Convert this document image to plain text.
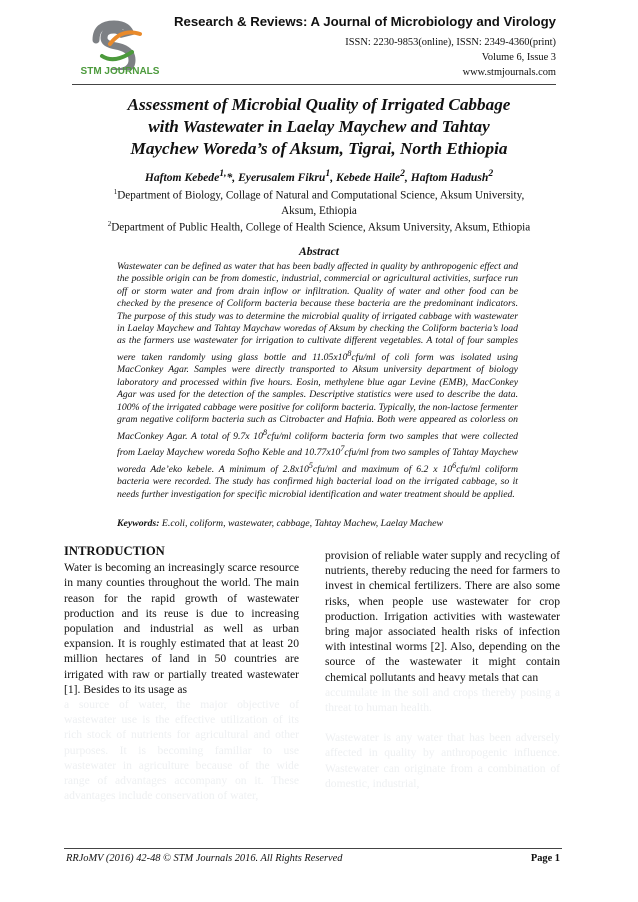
STM JOURNALS
Research & Reviews: A Journal of Microbiology and Virology
ISSN: 2230-9853(online), ISSN: 2349-4360(print)
Volume 6, Issue 3
www.stmjournals.com
Assessment of Microbial Quality of Irrigated Cabbage
with Wastewater in Laelay Maychew and Tahtay
Maychew Woreda’s of Aksum, Tigrai, North Ethiopia
Haftom Kebede$^{1,}$*, Eyerusalem Fikru$^1$, Kebede Haile$^2$, Haftom Hadush$^2$
$^1$Department of Biology, Collage of Natural and Computational Science, Aksum University,
Aksum, Ethiopia
$^2$Department of Public Health, College of Health Science, Aksum University, Aksum, Ethiopia
Abstract
Wastewater can be defined as water that has been badly affected in quality by anthropogenic effect and the possible origin can be from domestic, industrial, commercial or agricultural activities, surface run off or storm water and from drain inflow or infiltration. Quality of water and other food can be checked by the presence of Coliform bacteria because these bacteria are the predominant indicators. The purpose of this study was to determine the microbial quality of irrigated cabbage with wastewater in Laelay Maychew and Tahtay Maychaw woredas of Aksum by checking the Coliform bacteria’s load as the farmers use wastewater for irrigation to cultivate different vegetables. A total of four samples were taken randomly using glass bottle and $11.05x10^8cfu/ml$ of coli form was isolated using MacConkey Agar. Samples were directly transported to Aksum university department of biology laboratory and processed within five hours. Eosin, methylene blue agar Levine (EMB), MacConkey Agar was used for the detection of the samples. Descriptive statistics were used to describe the data. 100% of the irrigated cabbage were positive for coliform bacteria. Typically, the non-lactose fermenter gram negative coliform bacteria such as Citrobacter and Hafnia. Both were appeared as colorless on MacConkey Agar. A total of 9.7x $10^8cfu/ml$ coliform bacteria form two samples that were collected from Laelay Maychew woreda Sofho Keble and $10.77x10^7cfu/ml$ from two samples of Tahtay Maychew woreda Ade’eko kebele. A minimum of $2.8x10^5cfu/ml$ and maximum of 6.2 x $10^6cfu/ml$ coliform bacteria were recorded. The study has confirmed high bacterial load on the irrigated cabbage, so it needs further investigation for specific microbial identification and water treatment should be applied.
Keywords: E.coli, coliform, wastewater, cabbage, Tahtay Machew, Laelay Machew
INTRODUCTION
Water is becoming an increasingly scarce resource in many counties throughout the world. The main reason for the rapid growth of wastewater production and its reuse is due to increasing population and industrial as well as urban expansion. It is roughly estimated that at least 20 million hectares of land in 50 countries are irrigated with raw or partially treated wastewater [1]. Besides to its usage as
a source of water, the major objective of wastewater use is the effective utilization of its rich stock of nutrients for agricultural and other purposes. It is becoming familiar to use wastewater in agriculture because of the wide range of advantages accompany on it. These advantages include conservation of water,
provision of reliable water supply and recycling of nutrients, thereby reducing the need for farmers to invest in chemical fertilizers. There are also some risks, when people use wastewater for crop production. Irrigation activities with wastewater bring major associated health risks of infection with intestinal worms [2]. Also, depending on the source of the wastewater it might contain chemical pollutants and heavy metals that can
accumulate in the soil and crops thereby posing a threat to human health.
Wastewater is any water that has been adversely affected in quality by anthropogenic influence. Wastewater can originate from a combination of domestic, industrial,
RRJoMV (2016) 42-48 © STM Journals 2016. All Rights Reserved	Page 1
